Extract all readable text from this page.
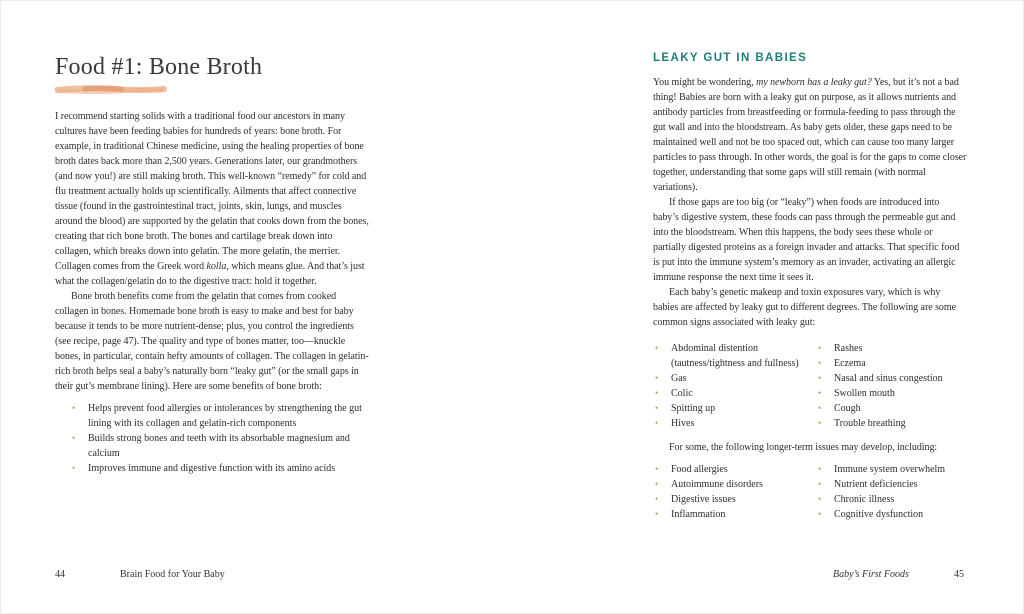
Food #1: Bone Broth

I recommend starting solids with a traditional food our ancestors in many cultures have been feeding babies for hundreds of years: bone broth. For example, in traditional Chinese medicine, using the healing properties of bone broth dates back more than 2,500 years. Generations later, our grandmothers (and now you!) are still making broth. This well-known “remedy” for cold and flu treatment actually holds up scientifically. Ailments that affect connective tissue (found in the gastrointestinal tract, joints, skin, lungs, and muscles around the blood) are supported by the gelatin that cooks down from the bones, creating that rich bone broth. The bones and cartilage break down into collagen, which breaks down into gelatin. The more gelatin, the merrier. Collagen comes from the Greek word kolla, which means glue. And that’s just what the collagen/gelatin do to the digestive tract: hold it together.

Bone broth benefits come from the gelatin that comes from cooked collagen in bones. Homemade bone broth is easy to make and best for baby because it tends to be more nutrient-dense; plus, you control the ingredients (see recipe, page 47). The quality and type of bones matter, too—knuckle bones, in particular, contain hefty amounts of collagen. The collagen in gelatin-rich broth helps seal a baby’s naturally born “leaky gut” (or the small gaps in their gut’s membrane lining). Here are some benefits of bone broth:

• Helps prevent food allergies or intolerances by strengthening the gut lining with its collagen and gelatin-rich components
• Builds strong bones and teeth with its absorbable magnesium and calcium
• Improves immune and digestive function with its amino acids
LEAKY GUT IN BABIES

You might be wondering, my newborn has a leaky gut? Yes, but it’s not a bad thing! Babies are born with a leaky gut on purpose, as it allows nutrients and antibody particles from breastfeeding or formula-feeding to pass through the gut wall and into the bloodstream. As baby gets older, these gaps need to be maintained well and not be too spaced out, which can cause too many larger particles to pass through. In other words, the goal is for the gaps to come closer together, understanding that some gaps will still remain (with normal variations).

If those gaps are too big (or “leaky”) when foods are introduced into baby’s digestive system, these foods can pass through the permeable gut and into the bloodstream. When this happens, the body sees these whole or partially digested proteins as a foreign invader and attacks. That specific food is put into the immune system’s memory as an invader, activating an allergic immune response the next time it sees it.

Each baby’s genetic makeup and toxin exposures vary, which is why babies are affected by leaky gut to different degrees. The following are some common signs associated with leaky gut:

• Abdominal distention (tautness/tightness and fullness)
• Gas
• Colic
• Spitting up
• Hives
• Rashes
• Eczema
• Nasal and sinus congestion
• Swollen mouth
• Cough
• Trouble breathing

For some, the following longer-term issues may develop, including:

• Food allergies
• Autoimmune disorders
• Digestive issues
• Inflammation
• Immune system overwhelm
• Nutrient deficiencies
• Chronic illness
• Cognitive dysfunction
44	Brain Food for Your Baby	Baby’s First Foods	45
